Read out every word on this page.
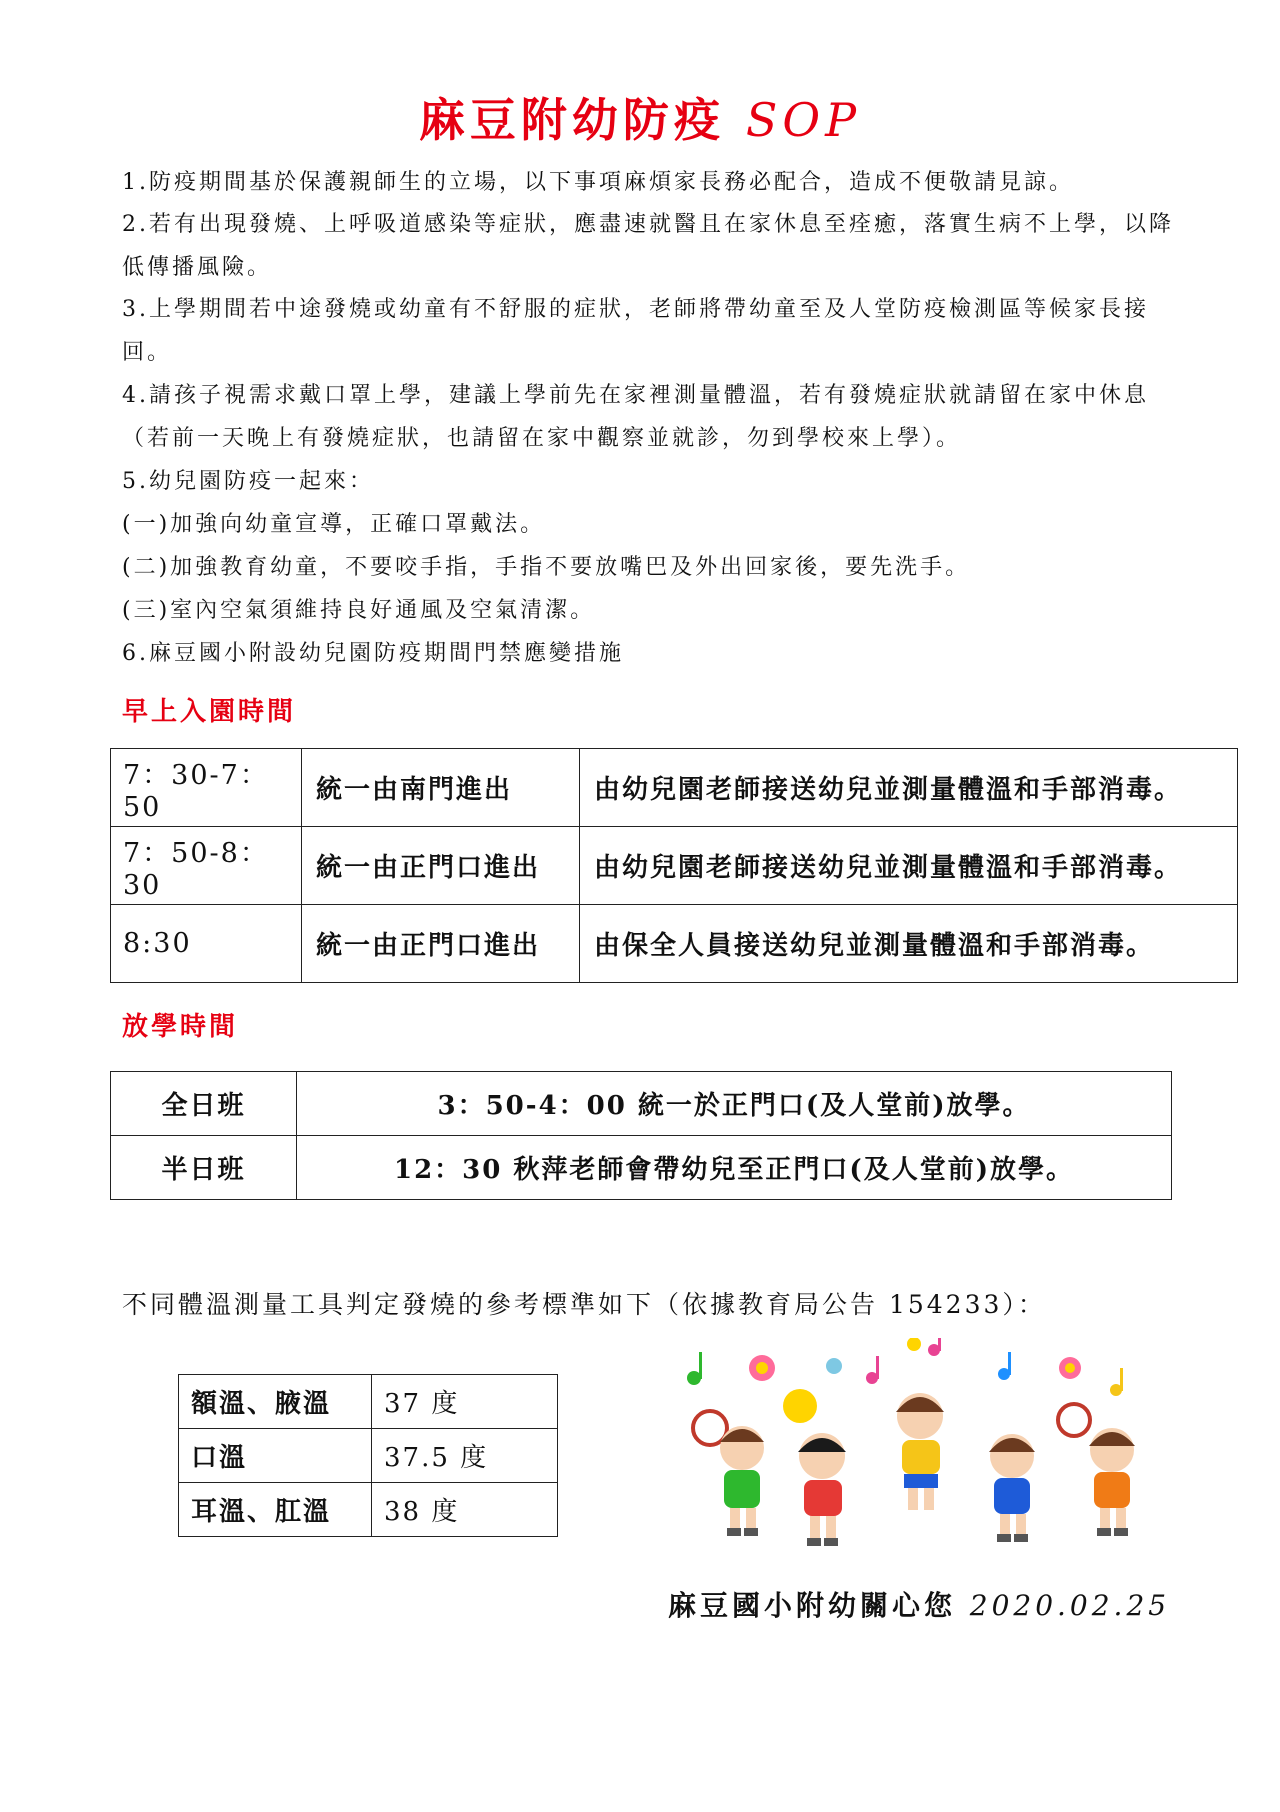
麻豆附幼防疫 SOP

1.防疫期間基於保護親師生的立場，以下事項麻煩家長務必配合，造成不便敬請見諒。

2.若有出現發燒、上呼吸道感染等症狀，應盡速就醫且在家休息至痊癒，落實生病不上學，以降低傳播風險。

3.上學期間若中途發燒或幼童有不舒服的症狀，老師將帶幼童至及人堂防疫檢測區等候家長接回。

4.請孩子視需求戴口罩上學，建議上學前先在家裡測量體溫，若有發燒症狀就請留在家中休息（若前一天晚上有發燒症狀，也請留在家中觀察並就診，勿到學校來上學）。

5.幼兒園防疫一起來：

(一)加強向幼童宣導，正確口罩戴法。

(二)加強教育幼童，不要咬手指，手指不要放嘴巴及外出回家後，要先洗手。

(三)室內空氣須維持良好通風及空氣清潔。

6.麻豆國小附設幼兒園防疫期間門禁應變措施

早上入園時間
7：30-7：50	統一由南門進出	由幼兒園老師接送幼兒並測量體溫和手部消毒。
7：50-8：30	統一由正門口進出	由幼兒園老師接送幼兒並測量體溫和手部消毒。
8:30	統一由正門口進出	由保全人員接送幼兒並測量體溫和手部消毒。
放學時間
全日班	3：50-4：00 統一於正門口(及人堂前)放學。
半日班	12：30 秋萍老師會帶幼兒至正門口(及人堂前)放學。

不同體溫測量工具判定發燒的參考標準如下（依據教育局公告 154233）：

額溫、腋溫	37 度
口溫	37.5 度
耳溫、肛溫	38 度

麻豆國小附幼關心您 2020.02.25
